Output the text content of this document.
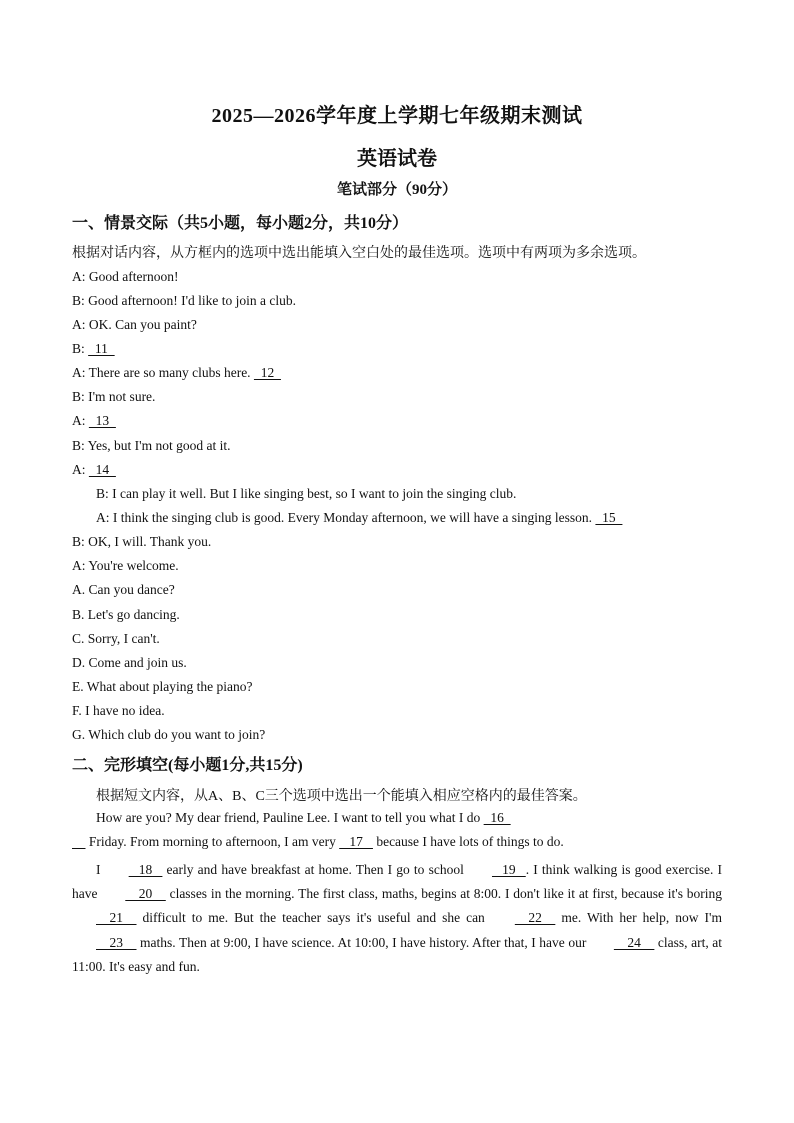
2025—2026学年度上学期七年级期末测试
英语试卷
笔试部分（90分）
一、情景交际（共5小题，每小题2分，共10分）
根据对话内容，从方框内的选项中选出能填入空白处的最佳选项。选项中有两项为多余选项。
A: Good afternoon!
B: Good afternoon! I'd like to join a club.
A: OK. Can you paint?
B:   11
A: There are so many clubs here.   12
B: I'm not sure.
A:   13
B: Yes, but I'm not good at it.
A:   14
B: I can play it well. But I like singing best, so I want to join the singing club.
A: I think the singing club is good. Every Monday afternoon, we will have a singing lesson.   15
B: OK, I will. Thank you.
A: You're welcome.
A. Can you dance?
B. Let's go dancing.
C. Sorry, I can't.
D. Come and join us.
E. What about playing the piano?
F. I have no idea.
G. Which club do you want to join?
二、完形填空(每小题1分,共15分)
根据短文内容，从A、B、C三个选项中选出一个能填入相应空格内的最佳答案。
How are you? My dear friend, Pauline Lee. I want to tell you what I do   16
Friday. From morning to afternoon, I am very    17    because I have lots of things to do.
I    18    early and have breakfast at home. Then I go to school    19   . I think walking is good exercise. I have     20     classes in the morning. The first class, maths, begins at 8:00. I don't like it at first, because it's boring     21     difficult to me. But the teacher says it's useful and she can     22     me. With her help, now I'm     23     maths. Then at 9:00, I have science. At 10:00, I have history. After that, I have our     24     class, art, at 11:00. It's easy and fun.
